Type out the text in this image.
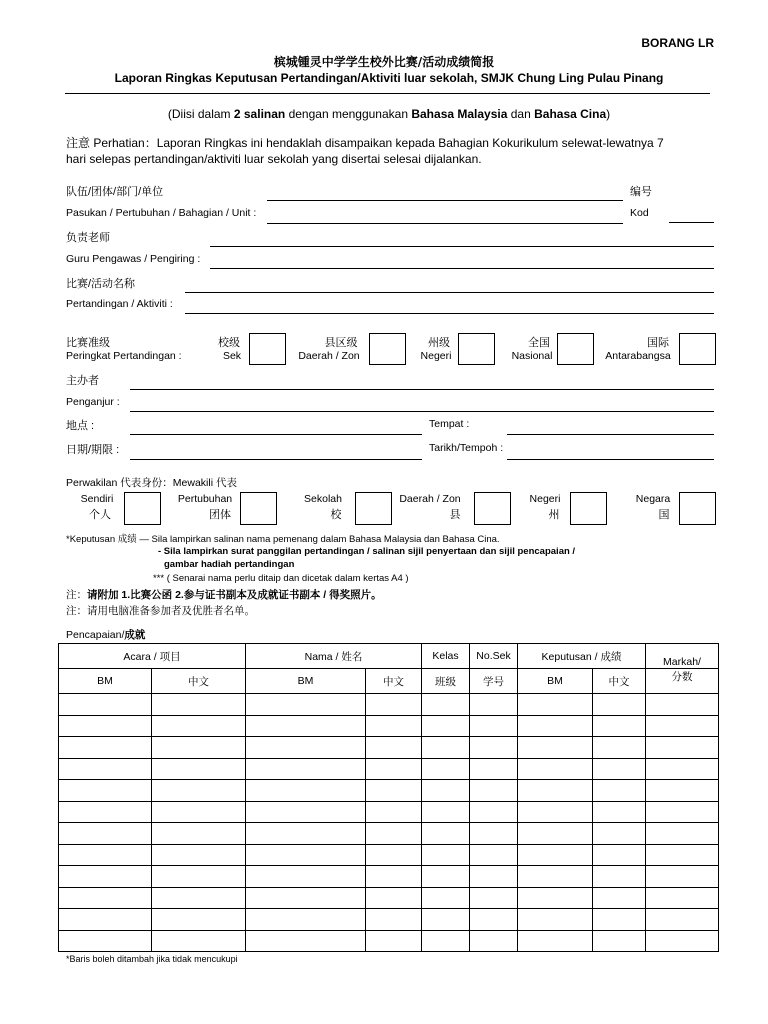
BORANG LR
槟城锺灵中学学生校外比赛/活动成绩简报
Laporan Ringkas Keputusan Pertandingan/Aktiviti luar sekolah, SMJK Chung Ling Pulau Pinang
(Diisi dalam 2 salinan dengan menggunakan Bahasa Malaysia dan Bahasa Cina)
注意 Perhatian：Laporan Ringkas ini hendaklah disampaikan kepada Bahagian Kokurikulum selewat-lewatnya 7
hari selepas pertandingan/aktiviti luar sekolah yang disertai selesai dijalankan.
队伍/团体/部门/单位
Pasukan / Pertubuhan / Bahagian / Unit :
编号
Kod
负责老师
Guru Pengawas / Pengiring :
比赛/活动名称
Pertandingan / Aktiviti :
比赛准级
Peringkat Pertandingan :
校级
Sek
县区级
Daerah / Zon
州级
Negeri
全国
Nasional
国际
Antarabangsa
主办者
Penganjur :
地点 :	Tempat :
日期/期限 :	Tarikh/Tempoh :
Perwakilan 代表身份：Mewakili 代表
Sendiri
个人
Pertubuhan
团体
Sekolah
校
Daerah / Zon
县
Negeri
州
Negara
国
*Keputusan 成绩 — Sila lampirkan salinan nama pemenang dalam Bahasa Malaysia dan Bahasa Cina.
- Sila lampirkan surat panggilan pertandingan / salinan sijil penyertaan dan sijil pencapaian /
gambar hadiah pertandingan
*** ( Senarai nama perlu ditaip dan dicetak dalam kertas A4 )
注：请附加 1.比赛公函 2.参与证书副本及成就证书副本 / 得奖照片。
注：请用电脑准备参加者及优胜者名单。
Pencapaian/成就
Acara / 项目		Nama / 姓名		Kelas	No.Sek	Keputusan / 成绩		Markah/
BM	中文	BM	中文	班级	学号	BM	中文	分数

*Baris boleh ditambah jika tidak mencukupi
